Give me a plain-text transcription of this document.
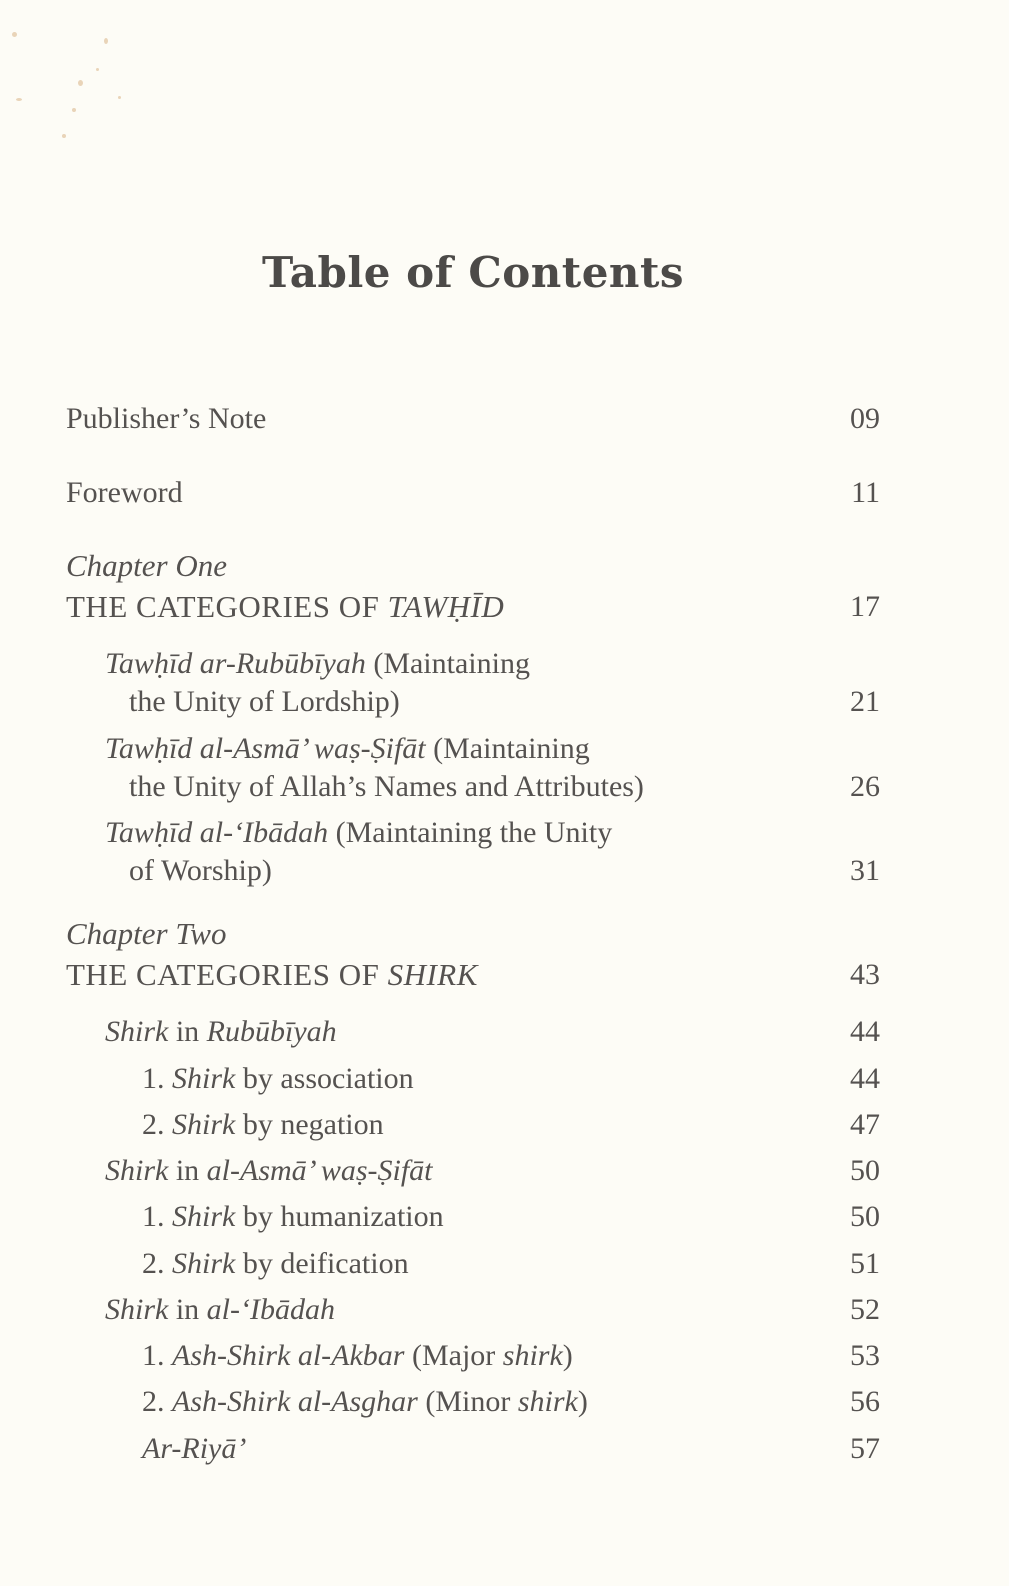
Table of Contents
Publisher’s Note	09
Foreword	11
Chapter One
THE CATEGORIES OF TAWḤĪD	17
Tawḥīd ar-Rubūbīyah (Maintaining
the Unity of Lordship)	21
Tawḥīd al-Asmā’ waṣ-Ṣifāt (Maintaining
the Unity of Allah’s Names and Attributes)	26
Tawḥīd al-‘Ibādah (Maintaining the Unity
of Worship)	31
Chapter Two
THE CATEGORIES OF SHIRK	43
Shirk in Rubūbīyah	44
1. Shirk by association	44
2. Shirk by negation	47
Shirk in al-Asmā’ waṣ-Ṣifāt	50
1. Shirk by humanization	50
2. Shirk by deification	51
Shirk in al-‘Ibādah	52
1. Ash-Shirk al-Akbar (Major shirk)	53
2. Ash-Shirk al-Asghar (Minor shirk)	56
Ar-Riyā’	57
